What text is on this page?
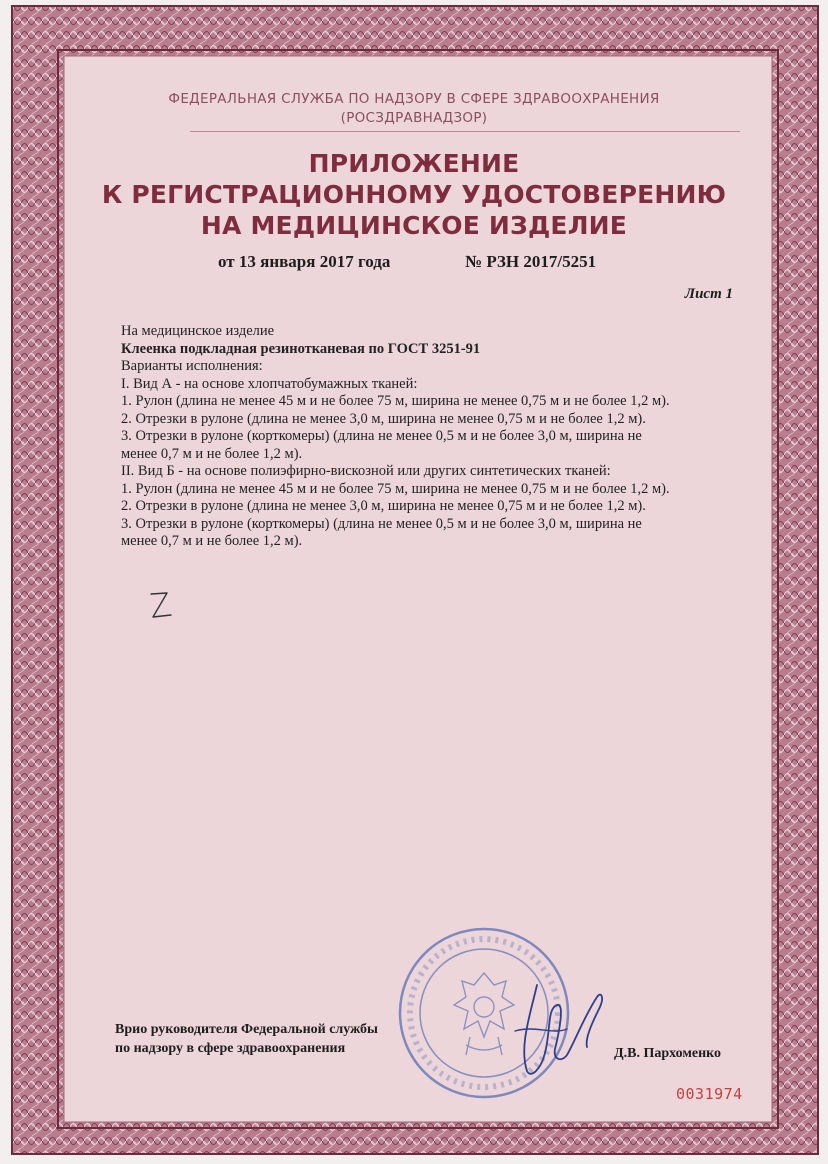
ФЕДЕРАЛЬНАЯ СЛУЖБА ПО НАДЗОРУ В СФЕРЕ ЗДРАВООХРАНЕНИЯ
(РОСЗДРАВНАДЗОР)
ПРИЛОЖЕНИЕ
К РЕГИСТРАЦИОННОМУ УДОСТОВЕРЕНИЮ
НА МЕДИЦИНСКОЕ ИЗДЕЛИЕ
от 13 января 2017 года	№ РЗН 2017/5251
Лист 1
На медицинское изделие
Клеенка подкладная резинотканевая по ГОСТ 3251-91
Варианты исполнения:
I. Вид А - на основе хлопчатобумажных тканей:
1. Рулон (длина не менее 45 м и не более 75 м, ширина не менее 0,75 м и не более 1,2 м).
2. Отрезки в рулоне (длина не менее 3,0 м, ширина не менее 0,75 м и не более 1,2 м).
3. Отрезки в рулоне (корткомеры) (длина не менее 0,5 м и не более 3,0 м, ширина не
менее 0,7 м и не более 1,2 м).
II. Вид Б - на основе полиэфирно-вискозной или других синтетических тканей:
1. Рулон (длина не менее 45 м и не более 75 м, ширина не менее 0,75 м и не более 1,2 м).
2. Отрезки в рулоне (длина не менее 3,0 м, ширина не менее 0,75 м и не более 1,2 м).
3. Отрезки в рулоне (корткомеры) (длина не менее 0,5 м и не более 3,0 м, ширина не
менее 0,7 м и не более 1,2 м).
Врио руководителя Федеральной службы
по надзору в сфере здравоохранения	Д.В. Пархоменко
0031974
